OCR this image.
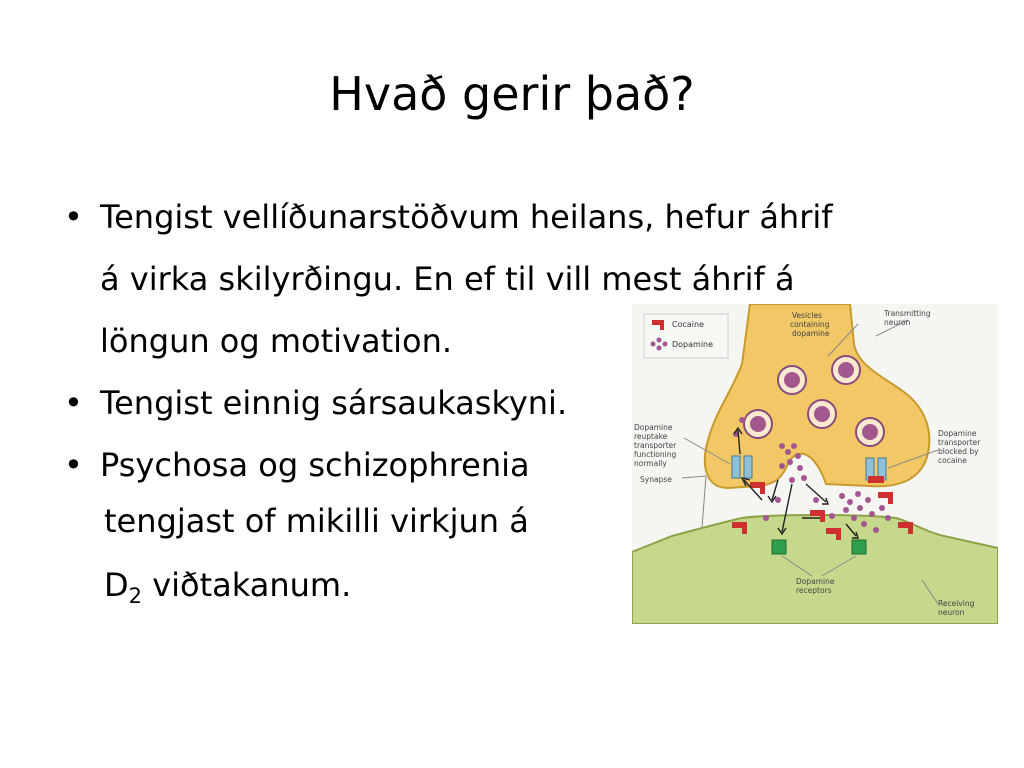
Hvað gerir það?
• Tengist vellíðunarstöðvum heilans, hefur áhrif
á virka skilyrðingu. En ef til vill mest áhrif á
löngun og motivation.
• Tengist einnig sársaukaskyni.
• Psychosa og schizophrenia
tengjast of mikilli virkjun á
$D_2$ viðtakanum.
Cocaine
Dopamine
Vesicles
containing
dopamine
Transmitting
neuron
Dopamine
reuptake
transporter
functioning
normally
Dopamine
transporter
blocked by
cocaine
Synapse
Dopamine
receptors
Receiving
neuron
